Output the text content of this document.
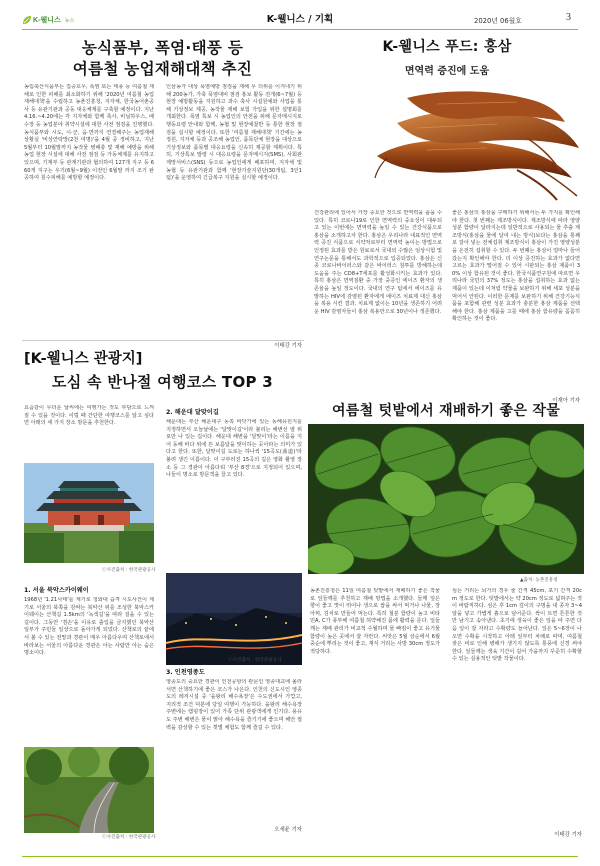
K-웰니스 뉴스	K-웰니스 / 기획	2020년 06월호	3
농식품부, 폭염·태풍 등
여름철 농업재해대책 추진
농림축산식품부는 집중호우, 폭염 또는 태풍 등 여름철 재해로 인한 피해를 최소화하기 위해 '2020년 여름철 농업재해대책'을 수립하고 농촌진흥청, 지자체, 한국농어촌공사 등 유관기관과 공동 대응체계를 구축할 예정이다. 지난 4.16.~4.20에는 각 지자체와 함께 축사, 비닐하우스, 배수장 등 농업분야 취약시설에 대한 사전 점검을 진행했다. 농식품부와 시도, 시·군, 읍·면까지 연결해주는 농업재해상황실 '비상연락망(2천 여명)'을 4월 중 정비하고, 지난 5월부터 10월말까지 농작물 병해충 및 재해 예방을 위해 농업 현장 시설에 대해 사전 점검 등 가동체제를 유지하고 있으며, 기재부 등 관계기관과 협의하여 127개 지구 등 660개 지구는 우기(6월~9월) 이전인 6월말 까지 조기 완공하여 침수피해를 예방할 예정이다.
인삼농가 대상 폭염예방 점검을 재해 무 더위를 이겨내기 위해 200농가, 가축 폭염대비 점검 홍보 활동 전개(6~7월) 등 현장 예방활동을 지원하고 과수 축사 시설원예와 사업을 통해 기상정보 제공, 농작물 재해 보험 가입을 위한 설명회를 개최한다. 폭염 특보 시 농업인의 안전을 위해 문자메시지로 행동요령 안내와 함께, 농협 및 현장예찰반 등 통한 현장 점검을 실시할 예정이다. 또한 '여름철 재해대책' 기간에는 농정원, 지자체 등과 공조해 농업인, 품목단체 현장을 대상으로 기상정보와 품목별 대응요령을 신속히 제공할 계획이다. 특히, 기상특보 발령 시 대응요령을 문자메시지(SMS), 사회관계망서비스(SNS) 등으로 농업인에게 배포하며, 지자체 및 농협 등 유관기관과 함께 '현장기술지원단(30개팀, 3인1팀)'을 운영하여 긴급복구 지원을 실시할 예정이다.
이태강 기자
K-웰니스 푸드: 홍삼
면역력 증진에 도움
건강관리에 있어서 가장 중요한 것으로 면역력을 꼽을 수 있다. 특히 코로나19로 인한 면역력의 중요성이 대두되고 있는 이번에는 면역력을 높일 수 있는 건강식품으로 홍삼을 소개하고자 한다. 홍삼은 우리나라 대표적인 면역력 증진 식품으로 식약처로부터 면역력 높이는 방법으로 인정된 효과를 받은 원료로서 국내외 수많은 임상시험 및 연구논문을 통해서도 과학적으로 입증되었다. 홍삼은 신종 코로나바이러스와 같은 바이러스 침투를 방해하는데 도움을 주는 CD8+T세포를 활성화시키는 효과가 있다. 특히 홍삼은 면역질환 중 가장 중증인 에이즈 환자의 생존율을 높일 정도이다. 국내의 연구 팀에서 에이즈를 유발하는 HIV에 감염된 환자에게 에이즈 치료제 대신 홍삼을 복용 시킨 결과, 치료제 없이는 10년을 생존하기 어려운 HIV 감염자들이 홍삼 복용만으로 30년이나 생존했다.
좋은 홍삼의 홍삼을 구매하기 위해서는 두 가지를 확인해야 한다. 첫 번째는 제조방식이다. 제조방식에 따라 영양성분 함량이 달라지는데 일반적으로 사용되는 물 추출 제조방식(홍삼을 물에 달여 내는 방식)보다는 홍삼을 통째로 갈아 넣는 전체섭취 제조방식이 홍삼이 가진 영양성분을 온전히 섭취할 수 있다. 두 번째는 홍삼이 얼마나 들어갔는지 확인해야 한다. 더 이상 증진하는 효과가 없다면 고르는 효과가 떨어질 수 있어 시판되는 홍삼 제품이 30% 이상 함유된 것이 좋다. 한국식품연구원에 따르면 우리나라 국민의 37% 정도는 홍삼을 섭취하는 효과 없는 제품이 있는데 이처럼 약물을 보완하기 위해 세포 성분을 먹어서 안된다. 이러한 문제를 보완하기 위해 건강기능식품을 포함해 관련 성분 효과가 충분한 홍삼 제품을 선택해야 한다. 홍삼 제품을 고를 때에 홍삼 함유량을 꼼꼼히 확인하는 것이 좋다.
이재아 기자
[K-웰니스 관광지]
도심 속 반나절 여행코스 TOP 3
요즘같이 무더운 날씨에는 여행가는 것도 부담으로 느껴질 수 있을 것이다. 이럴 때 간단한 여행코스를 알고 싶다면 아래의 세 가지 장소 방문을 추천한다.
ⓒ사진출처 : 한국관광공사
2. 해운대 달맞이길
해운대는 부산 해운대구 동쪽 바닷가에 있는 동해유원지를 지정하면서 오늘날에는 '달맞이길'이라 불리는 해변선 옆 위로만 나 있는 길이다. 해운대 해변을 '달맞이'라는 이름을 지어 동해 바다 위에 뜬 보름달을 맞이하는 곳이라는 의미가 있다고 한다. 또한, 달맞이길 도로는 하나씩 '15곡도(曲道)'라 불려 생긴 이름이다. 이 구부러진 15곡의 길은 영화 촬영 장소 등 그 경관이 아름다워 '부산 8경'으로 지정되어 있으며, 나들이 명소로 방문객을 끌고 있다.
ⓒ사진출처 : 한국관광공사
1. 서울 북악스카이웨이
1968년 '1.21사태'를 계기로 청와대 습격 시도사건이 계기로 서울의 북쪽을 감싸는 북악산 위를 조성한 북악스카이웨이는 산책길 1.5km의 '녹색길'을 따라 걸을 수 있는 길이다. 그동안 '겸손'을 이유로 출입을 금지했던 북악산 일부가 주민들 일상으로 돌아가게 되었다. 산책로의 끝에서 볼 수 있는 전망과 경관이 매우 아름다우며 산책로에서 바라보는 서울의 아름다운 경관은 아는 사람만 아는 숨은 명소이다.
ⓒ사진출처 : 한국관광공사
3. 인천영종도
영종도의 중요한 경관이 인천공항의 관문인 영종대교에 올라서면 산책하기에 좋은 코스가 나온다. 인천의 신도시인 영종도의 레저시설 중 '을왕리 해수욕장'은 수도권에서 가깝고, 지리적 조건 덕분에 당일 여행이 가능하다. 을왕리 해수욕장 주변에는 캠핑장이 있어 가족 단위 관광객에게 인기다. 용유도 주변 해변은 물이 맑아 해수욕을 즐기기에 좋으며 해안 절벽을 감상할 수 있는 갯벌 체험도 함께 즐길 수 있다.
오세윤 기자
여름철 텃밭에서 재배하기 좋은 작물
▲출처: 농촌진흥청
농촌진흥청은 11일 여름철 텃밭에서 재배하기 좋은 작물로 잎들깨를 추천하고 재배 방법을 소개했다. 들깨 잎은 향이 좋고 맛이 뛰어나 생으로 쌈을 싸서 먹거나 나물, 장아찌, 김치로 만들어 먹는다. 특히 철분 함량이 높고 비타민A, C가 풍부해 여름철 허약해진 몸에 활력을 준다. 잎들깨는 재배 관리가 비교적 수월하며 물 빠짐이 좋고 유기물 함량이 높은 곳에서 잘 자란다. 씨앗은 5월 상순에서 6월 중순에 뿌리는 것이 좋고, 재식 거리는 사방 30cm 정도가 적당하다.
심는 거리는 뇌가의 경우 줄 간격 45cm, 포기 간격 20cm 정도로 한다. 텃밭에서는 약 20cm 정도로 넓혀주는 것이 바람직하다. 심은 후 1cm 깊이의 구멍을 내 종자 3~4알을 넣고 가볍게 흙으로 덮어준다. 싹이 트면 튼튼한 것만 남기고 솎아낸다. 초기에 생육이 좋은 잎을 따 주면 다음 잎이 잘 자라고 수확량도 늘어난다. 잎은 5~6장이 나오면 수확을 시작하고 아래 잎부터 차례로 따며, 여름철 잦은 비로 인해 병해가 생기지 않도록 통풍에 신경 써야 한다. 잎들깨는 생육 기간이 길어 가을까지 꾸준히 수확할 수 있는 실용적인 텃밭 작물이다.
이태강 기자
